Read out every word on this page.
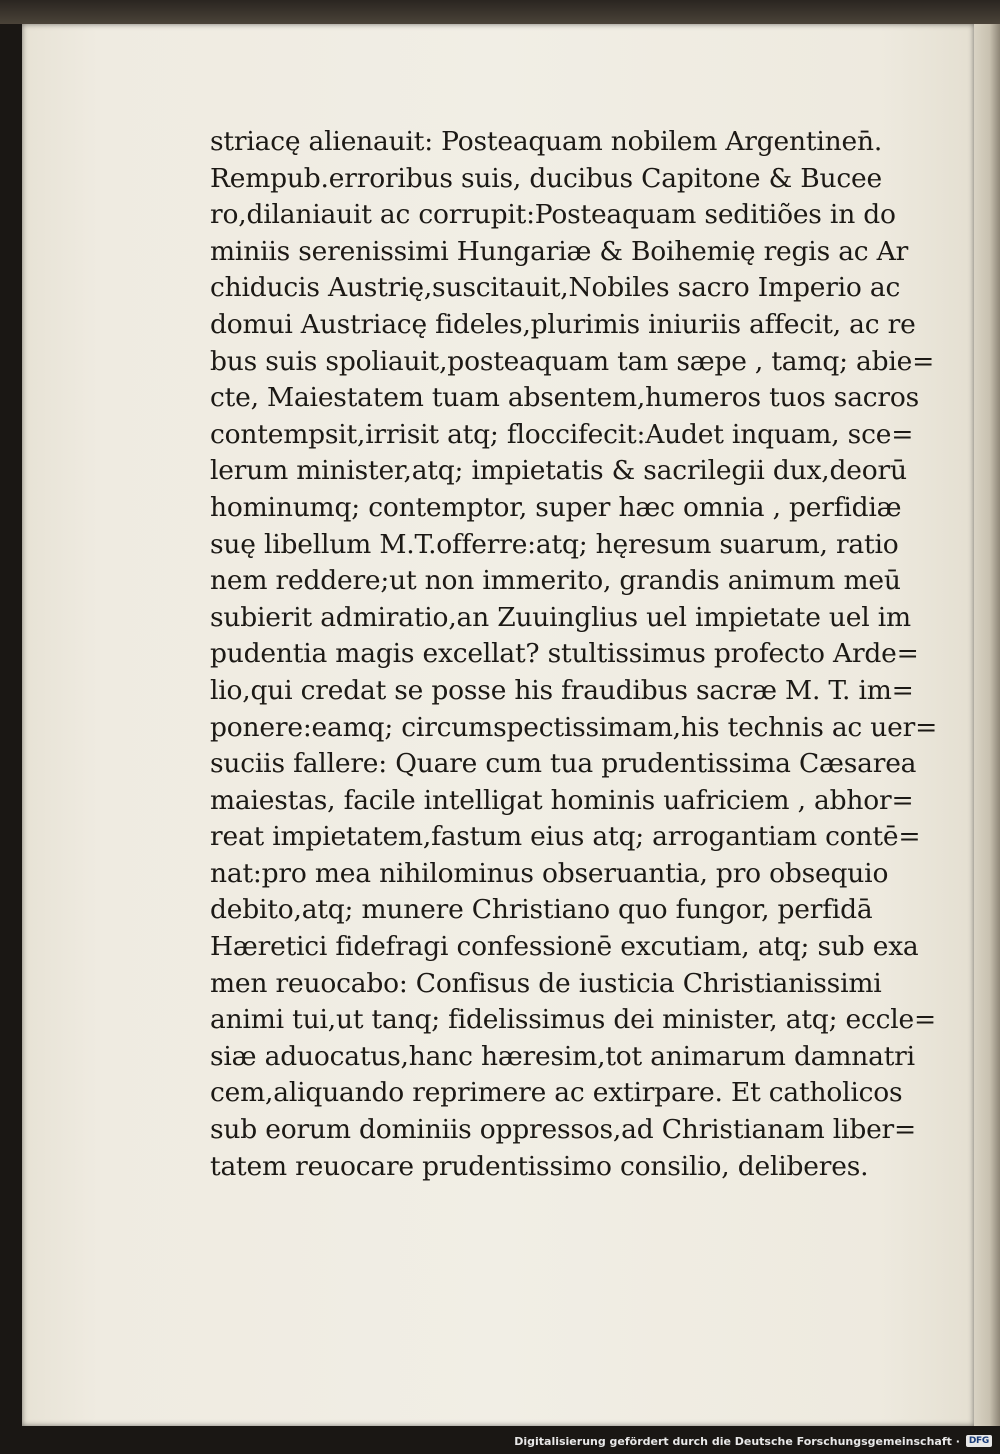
striacę alienauit: Posteaquam nobilem Argentinen̄.
Rempub.erroribus suis, ducibus Capitone & Bucee
ro,dilaniauit ac corrupit:Posteaquam seditiões in do
miniis serenissimi Hungariæ & Boihemię regis ac Ar
chiducis Austrię,suscitauit,Nobiles sacro Imperio ac
domui Austriacę fideles,plurimis iniuriis affecit, ac re
bus suis spoliauit,posteaquam tam sæpe , tamq; abie=
cte, Maiestatem tuam absentem,humeros tuos sacros
contempsit,irrisit atq; floccifecit:Audet inquam, sce=
lerum minister,atq; impietatis & sacrilegii dux,deorū
hominumq; contemptor, super hæc omnia , perfidiæ
suę libellum M.T.offerre:atq; hęresum suarum, ratio
nem reddere;ut non immerito, grandis animum meū
subierit admiratio,an Zuuinglius uel impietate uel im
pudentia magis excellat? stultissimus profecto Arde=
lio,qui credat se posse his fraudibus sacræ M. T. im=
ponere:eamq; circumspectissimam,his technis ac uer=
suciis fallere: Quare cum tua prudentissima Cæsarea
maiestas, facile intelligat hominis uafriciem , abhor=
reat impietatem,fastum eius atq; arrogantiam contē=
nat:pro mea nihilominus obseruantia, pro obsequio
debito,atq; munere Christiano quo fungor, perfidā
Hæretici fidefragi confessionē excutiam, atq; sub exa
men reuocabo: Confisus de iusticia Christianissimi
animi tui,ut tanq; fidelissimus dei minister, atq; eccle=
siæ aduocatus,hanc hæresim,tot animarum damnatri
cem,aliquando reprimere ac extirpare. Et catholicos
sub eorum dominiis oppressos,ad Christianam liber=
tatem reuocare prudentissimo consilio, deliberes.
Digitalisierung gefördert durch die Deutsche Forschungsgemeinschaft ·	DFG
